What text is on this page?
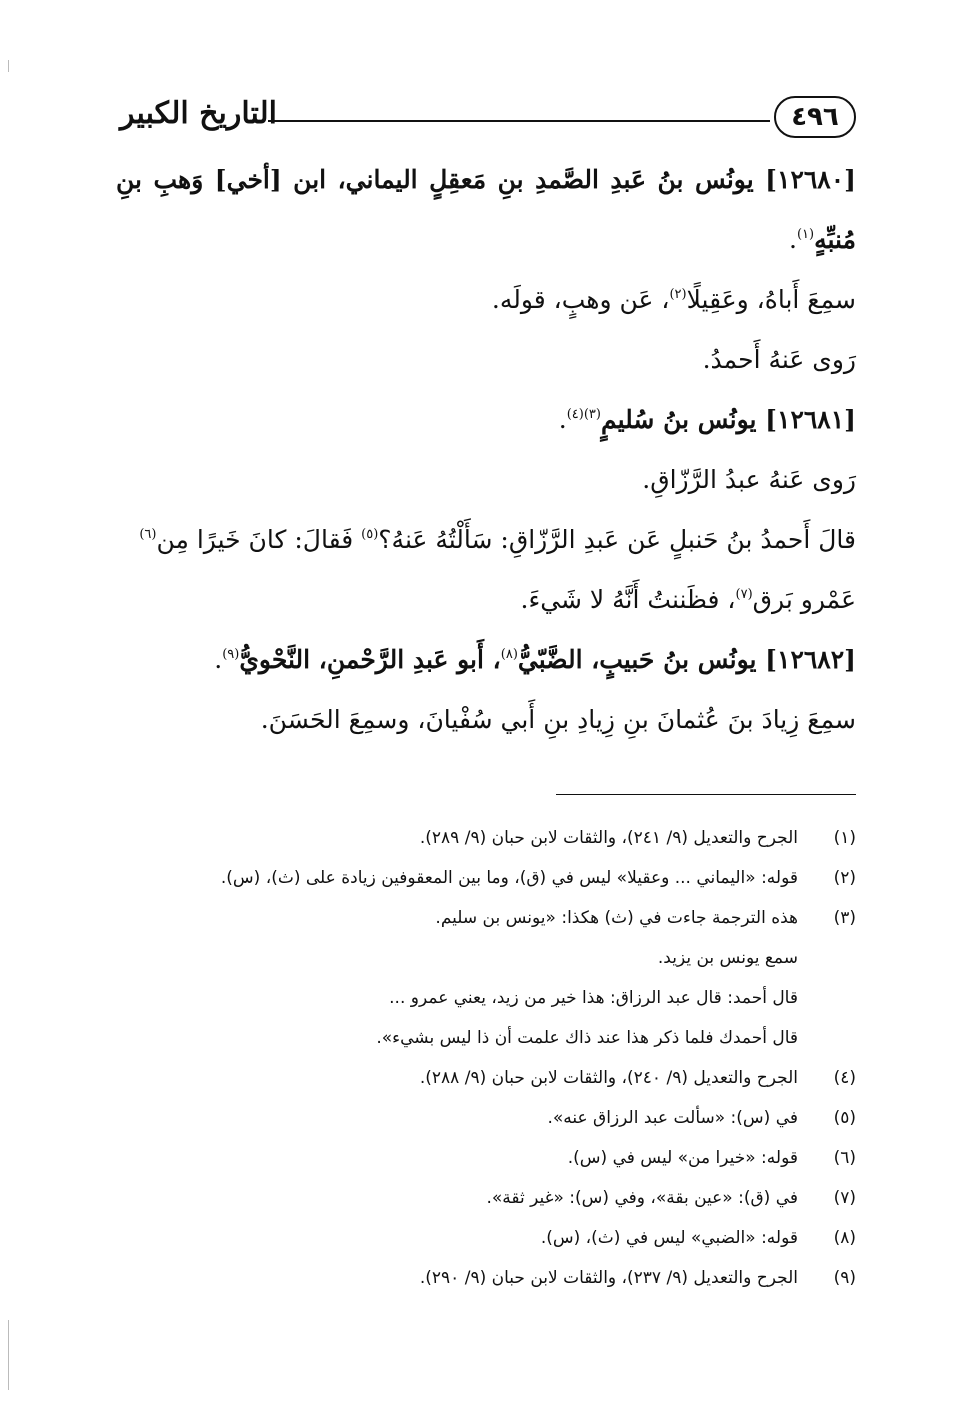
٤٩٦
التاريخ الكبير

[١٢٦٨٠] يونُس بنُ عَبدِ الصَّمدِ بنِ مَعقِلٍ اليماني، ابن [أخي] وَهبِ بنِ مُنبِّهٍ$^{(١)}$.

سمِعَ أَباهُ، وعَقِيلًا$^{(٢)}$، عَن وهبٍ، قولَه.

رَوى عَنهُ أَحمدُ.

[١٢٦٨١] يونُس بنُ سُليمٍ$^{(٣)(٤)}$.

رَوى عَنهُ عبدُ الرَّزّاقِ.

قالَ أَحمدُ بنُ حَنبلٍ عَن عَبدِ الرَّزّاقِ: سَأَلْتُهُ عَنهُ؟$^{(٥)}$ فَقالَ: كانَ خَيرًا مِن$^{(٦)}$

عَمْرو بَرق$^{(٧)}$، فظَننتُ أَنَّهُ لا شَيءَ.

[١٢٦٨٢] يونُس بنُ حَبيبٍ، الضَّبّيُّ$^{(٨)}$، أَبو عَبدِ الرَّحْمنِ، النَّحْويُّ$^{(٩)}$.

سمِعَ زِيادَ بنَ عُثمانَ بنِ زِيادِ بنِ أَبي سُفْيانَ، وسمِعَ الحَسَنَ.

(١)
الجرح والتعديل (٩/ ٢٤١)، والثقات لابن حبان (٩/ ٢٨٩).
(٢)
قوله: «اليماني ... وعقيلا» ليس في (ق)، وما بين المعقوفين زيادة على (ث)، (س).
(٣)
هذه الترجمة جاءت في (ث) هكذا: «يونس بن سليم.
سمع يونس بن يزيد.
قال أحمد: قال عبد الرزاق: هذا خير من زيد، يعني عمرو ...
قال أحمدك فلما ذكر هذا عند ذاك علمت أن ذا ليس بشيء».
(٤)
الجرح والتعديل (٩/ ٢٤٠)، والثقات لابن حبان (٩/ ٢٨٨).
(٥)
في (س): «سألت عبد الرزاق عنه».
(٦)
قوله: «خيرا من» ليس في (س).
(٧)
في (ق): «عين بقة»، وفي (س): «غير ثقة».
(٨)
قوله: «الضبي» ليس في (ث)، (س).
(٩)
الجرح والتعديل (٩/ ٢٣٧)، والثقات لابن حبان (٩/ ٢٩٠).
